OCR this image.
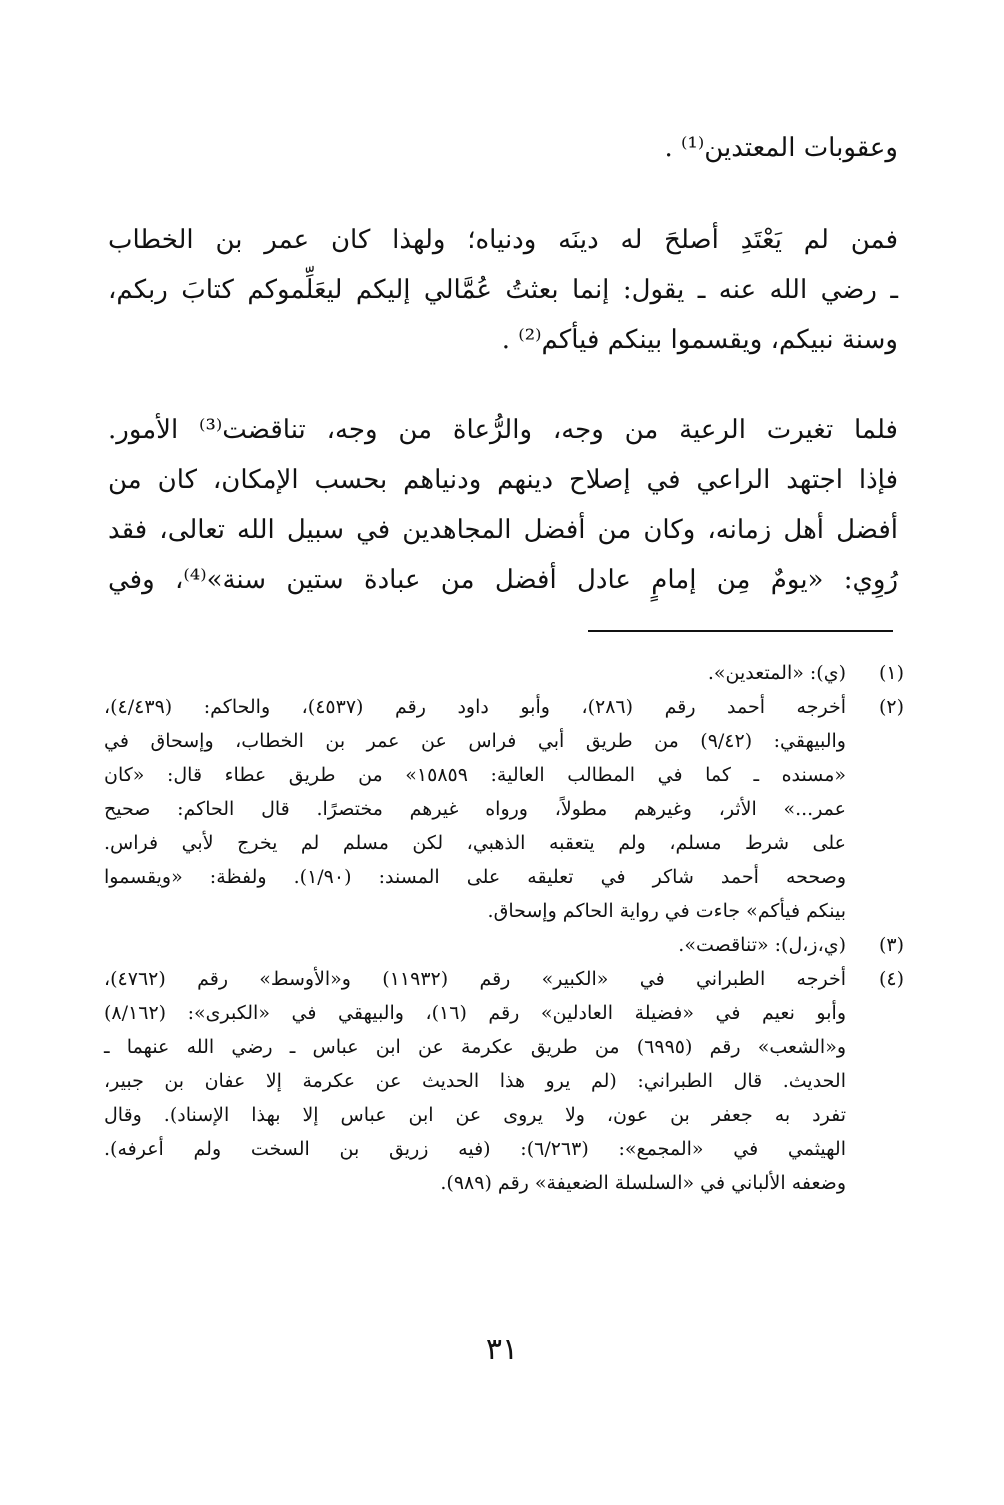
وعقوبات المعتدين⁽¹⁾ .
فمن لم يَعْتَدِ أصلحَ له دينَه ودنياه؛ ولهذا كان عمر بن الخطاب
ـ رضي الله عنه ـ يقول: إنما بعثتُ عُمَّالي إليكم ليعَلِّموكم كتابَ ربكم،
وسنة نبيكم، ويقسموا بينكم فيأكم⁽²⁾ .
فلما تغيرت الرعية من وجه، والرُّعاة من وجه، تناقضت⁽³⁾ الأمور.
فإذا اجتهد الراعي في إصلاح دينهم ودنياهم بحسب الإمكان، كان من
أفضل أهل زمانه، وكان من أفضل المجاهدين في سبيل الله تعالى، فقد
رُوِي: «يومٌ مِن إمامٍ عادل أفضل من عبادة ستين سنة»⁽⁴⁾، وفي
(١)
(ي): «المتعدين».
(٢)
أخرجه أحمد رقم (٢٨٦)، وأبو داود رقم (٤٥٣٧)، والحاكم: (٤/٤٣٩)،
والبيهقي: (٩/٤٢) من طريق أبي فراس عن عمر بن الخطاب، وإسحاق في
«مسنده ـ كما في المطالب العالية: ١٥٨٥٩» من طريق عطاء قال: «كان
عمر...» الأثر، وغيرهم مطولاً، ورواه غيرهم مختصرًا. قال الحاكم: صحيح
على شرط مسلم، ولم يتعقبه الذهبي، لكن مسلم لم يخرج لأبي فراس.
وصححه أحمد شاكر في تعليقه على المسند: (١/٩٠). ولفظة: «ويقسموا
بينكم فيأكم» جاءت في رواية الحاكم وإسحاق.
(٣)
(ي،ز،ل): «تناقصت».
(٤)
أخرجه الطبراني في «الكبير» رقم (١١٩٣٢) و«الأوسط» رقم (٤٧٦٢)،
وأبو نعيم في «فضيلة العادلين» رقم (١٦)، والبيهقي في «الكبرى»: (٨/١٦٢)
و«الشعب» رقم (٦٩٩٥) من طريق عكرمة عن ابن عباس ـ رضي الله عنهما ـ
الحديث. قال الطبراني: (لم يرو هذا الحديث عن عكرمة إلا عفان بن جبير،
تفرد به جعفر بن عون، ولا يروى عن ابن عباس إلا بهذا الإسناد). وقال
الهيثمي في «المجمع»: (٦/٢٦٣): (فيه زريق بن السخت ولم أعرفه).
وضعفه الألباني في «السلسلة الضعيفة» رقم (٩٨٩).
٣١
